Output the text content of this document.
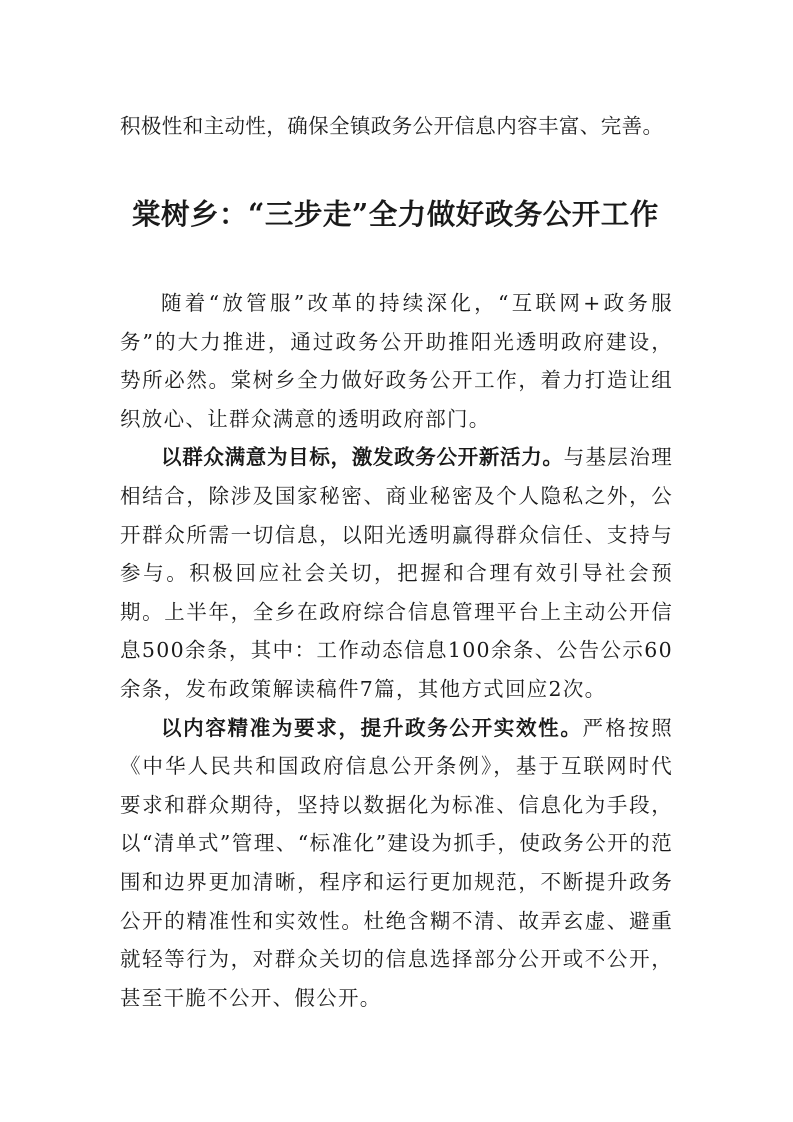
积极性和主动性，确保全镇政务公开信息内容丰富、完善。
棠树乡：“三步走”全力做好政务公开工作

随着“放管服”改革的持续深化，“互联网+政务服务”的大力推进，通过政务公开助推阳光透明政府建设，势所必然。棠树乡全力做好政务公开工作，着力打造让组织放心、让群众满意的透明政府部门。

以群众满意为目标，激发政务公开新活力。与基层治理相结合，除涉及国家秘密、商业秘密及个人隐私之外，公开群众所需一切信息，以阳光透明赢得群众信任、支持与参与。积极回应社会关切，把握和合理有效引导社会预期。上半年，全乡在政府综合信息管理平台上主动公开信息500余条，其中：工作动态信息100余条、公告公示60余条，发布政策解读稿件7篇，其他方式回应2次。

以内容精准为要求，提升政务公开实效性。严格按照《中华人民共和国政府信息公开条例》，基于互联网时代要求和群众期待，坚持以数据化为标准、信息化为手段，以“清单式”管理、“标准化”建设为抓手，使政务公开的范围和边界更加清晰，程序和运行更加规范，不断提升政务公开的精准性和实效性。杜绝含糊不清、故弄玄虚、避重就轻等行为，对群众关切的信息选择部分公开或不公开，甚至干脆不公开、假公开。
